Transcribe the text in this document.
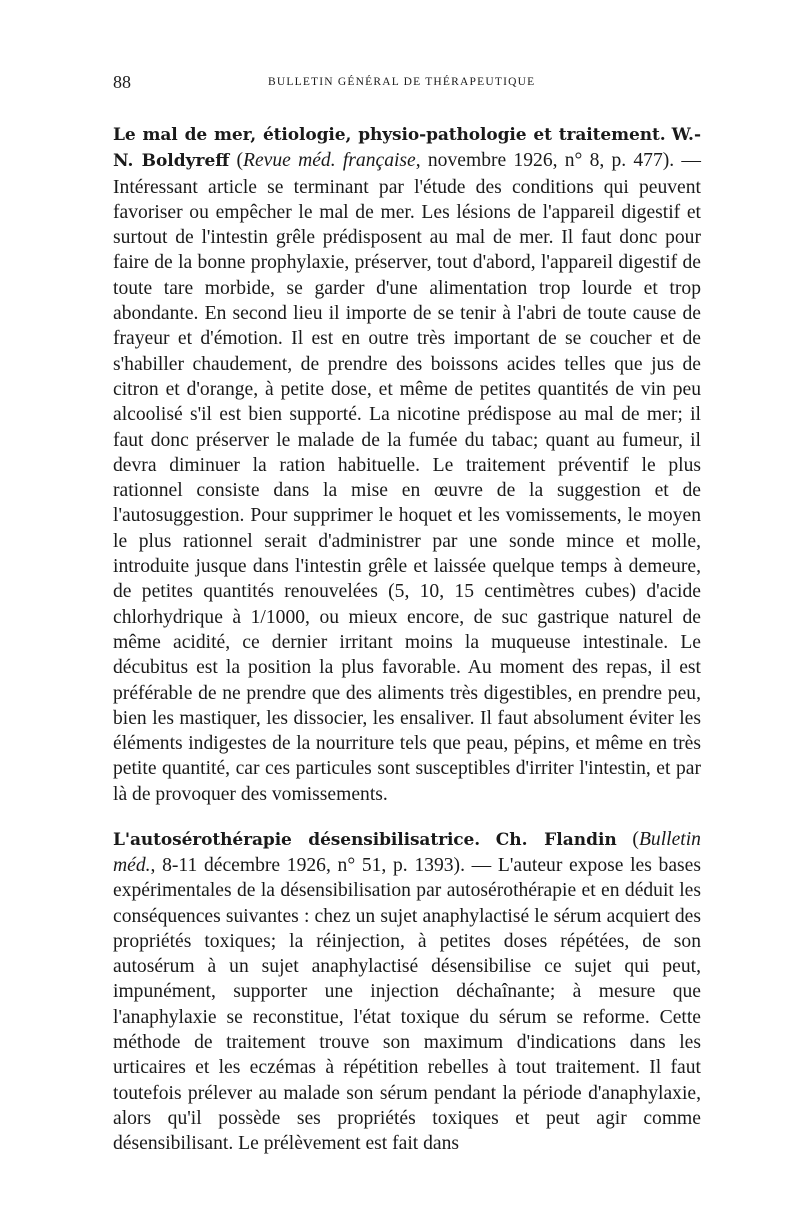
88	BULLETIN GÉNÉRAL DE THÉRAPEUTIQUE

Le mal de mer, étiologie, physio-pathologie et traitement. W.-N. Boldyreff (Revue méd. française, novembre 1926, n° 8, p. 477). — Intéressant article se terminant par l'étude des conditions qui peuvent favoriser ou empêcher le mal de mer. Les lésions de l'appareil digestif et surtout de l'intestin grêle prédisposent au mal de mer. Il faut donc pour faire de la bonne prophylaxie, préserver, tout d'abord, l'appareil digestif de toute tare morbide, se garder d'une alimentation trop lourde et trop abondante. En second lieu il importe de se tenir à l'abri de toute cause de frayeur et d'émotion. Il est en outre très important de se coucher et de s'habiller chaudement, de prendre des boissons acides telles que jus de citron et d'orange, à petite dose, et même de petites quantités de vin peu alcoolisé s'il est bien supporté. La nicotine prédispose au mal de mer; il faut donc préserver le malade de la fumée du tabac; quant au fumeur, il devra diminuer la ration habituelle. Le traitement préventif le plus rationnel consiste dans la mise en œuvre de la suggestion et de l'autosuggestion. Pour supprimer le hoquet et les vomissements, le moyen le plus rationnel serait d'administrer par une sonde mince et molle, introduite jusque dans l'intestin grêle et laissée quelque temps à demeure, de petites quantités renouvelées (5, 10, 15 centimètres cubes) d'acide chlorhydrique à 1/1000, ou mieux encore, de suc gastrique naturel de même acidité, ce dernier irritant moins la muqueuse intestinale. Le décubitus est la position la plus favorable. Au moment des repas, il est préférable de ne prendre que des aliments très digestibles, en prendre peu, bien les mastiquer, les dissocier, les ensaliver. Il faut absolument éviter les éléments indigestes de la nourriture tels que peau, pépins, et même en très petite quantité, car ces particules sont susceptibles d'irriter l'intestin, et par là de provoquer des vomissements.

L'autosérothérapie désensibilisatrice. Ch. Flandin (Bulletin méd., 8-11 décembre 1926, n° 51, p. 1393). — L'auteur expose les bases expérimentales de la désensibilisation par autosérothérapie et en déduit les conséquences suivantes : chez un sujet anaphylactisé le sérum acquiert des propriétés toxiques; la réinjection, à petites doses répétées, de son autosérum à un sujet anaphylactisé désensibilise ce sujet qui peut, impunément, supporter une injection déchaînante; à mesure que l'anaphylaxie se reconstitue, l'état toxique du sérum se reforme. Cette méthode de traitement trouve son maximum d'indications dans les urticaires et les eczémas à répétition rebelles à tout traitement. Il faut toutefois prélever au malade son sérum pendant la période d'anaphylaxie, alors qu'il possède ses propriétés toxiques et peut agir comme désensibilisant. Le prélèvement est fait dans
